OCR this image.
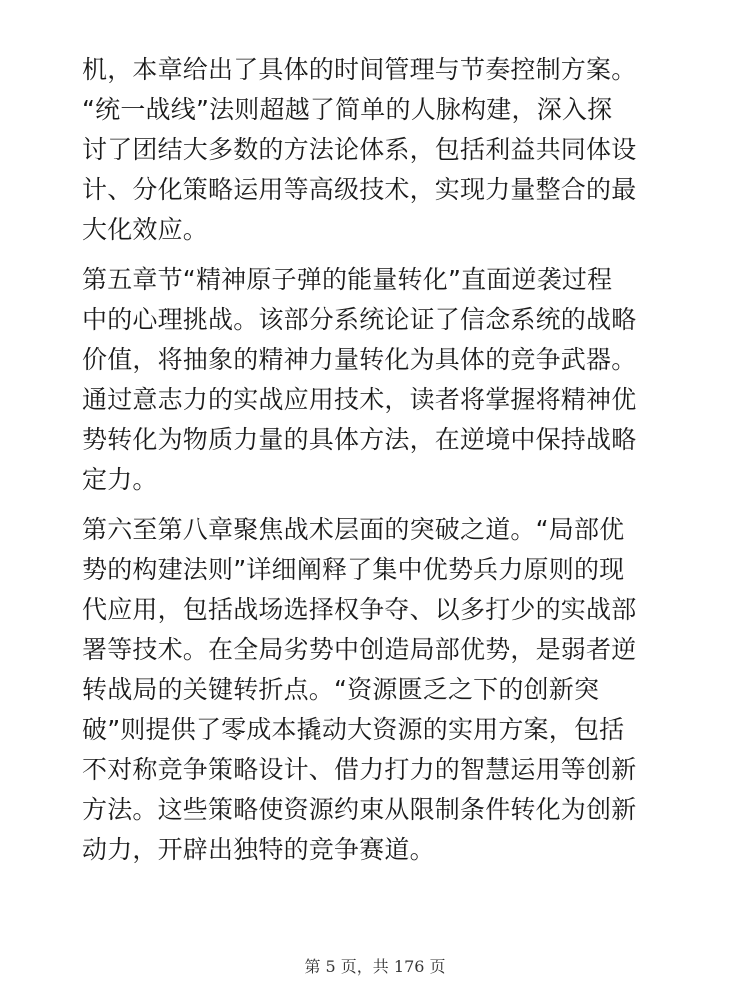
机，本章给出了具体的时间管理与节奏控制方案。
“统一战线”法则超越了简单的人脉构建，深入探
讨了团结大多数的方法论体系，包括利益共同体设
计、分化策略运用等高级技术，实现力量整合的最
大化效应。

第五章节“精神原子弹的能量转化”直面逆袭过程
中的心理挑战。该部分系统论证了信念系统的战略
价值，将抽象的精神力量转化为具体的竞争武器。
通过意志力的实战应用技术，读者将掌握将精神优
势转化为物质力量的具体方法，在逆境中保持战略
定力。

第六至第八章聚焦战术层面的突破之道。“局部优
势的构建法则”详细阐释了集中优势兵力原则的现
代应用，包括战场选择权争夺、以多打少的实战部
署等技术。在全局劣势中创造局部优势，是弱者逆
转战局的关键转折点。“资源匮乏之下的创新突
破”则提供了零成本撬动大资源的实用方案，包括
不对称竞争策略设计、借力打力的智慧运用等创新
方法。这些策略使资源约束从限制条件转化为创新
动力，开辟出独特的竞争赛道。

第 5 页，共 176 页
